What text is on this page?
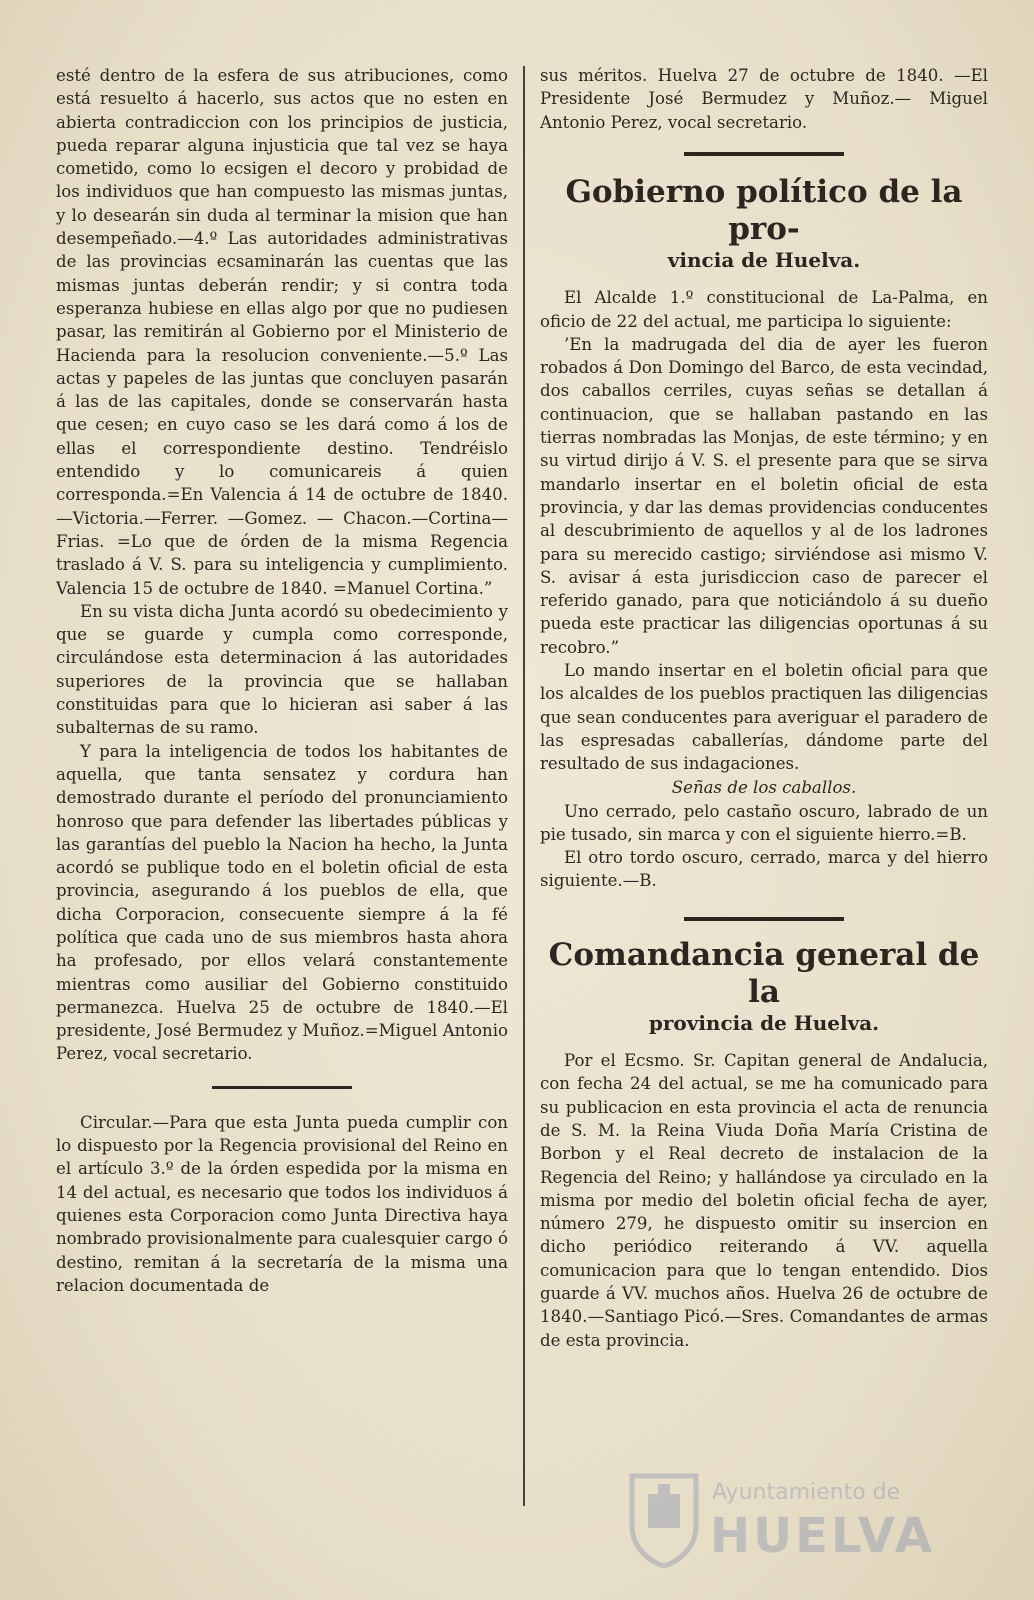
esté dentro de la esfera de sus atribuciones, como está resuelto á hacerlo, sus actos que no esten en abierta contradiccion con los principios de justicia, pueda reparar alguna injusticia que tal vez se haya cometido, como lo ecsigen el decoro y probidad de los individuos que han compuesto las mismas juntas, y lo desearán sin duda al terminar la mision que han desempeñado.—4.º Las autoridades administrativas de las provincias ecsaminarán las cuentas que las mismas juntas deberán rendir; y si contra toda esperanza hubiese en ellas algo por que no pudiesen pasar, las remitirán al Gobierno por el Ministerio de Hacienda para la resolucion conveniente.—5.º Las actas y papeles de las juntas que concluyen pasarán á las de las capitales, donde se conservarán hasta que cesen; en cuyo caso se les dará como á los de ellas el correspondiente destino. Tendréislo entendido y lo comunicareis á quien corresponda.=En Valencia á 14 de octubre de 1840.—Victoria.—Ferrer. —Gomez. — Chacon.—Cortina—Frias. =Lo que de órden de la misma Regencia traslado á V. S. para su inteligencia y cumplimiento. Valencia 15 de octubre de 1840. =Manuel Cortina.”

En su vista dicha Junta acordó su obedecimiento y que se guarde y cumpla como corresponde, circulándose esta determinacion á las autoridades superiores de la provincia que se hallaban constituidas para que lo hicieran asi saber á las subalternas de su ramo.

Y para la inteligencia de todos los habitantes de aquella, que tanta sensatez y cordura han demostrado durante el período del pronunciamiento honroso que para defender las libertades públicas y las garantías del pueblo la Nacion ha hecho, la Junta acordó se publique todo en el boletin oficial de esta provincia, asegurando á los pueblos de ella, que dicha Corporacion, consecuente siempre á la fé política que cada uno de sus miembros hasta ahora ha profesado, por ellos velará constantemente mientras como ausiliar del Gobierno constituido permanezca. Huelva 25 de octubre de 1840.—El presidente, José Bermudez y Muñoz.=Miguel Antonio Perez, vocal secretario.

Circular.—Para que esta Junta pueda cumplir con lo dispuesto por la Regencia provisional del Reino en el artículo 3.º de la órden espedida por la misma en 14 del actual, es necesario que todos los individuos á quienes esta Corporacion como Junta Directiva haya nombrado provisionalmente para cualesquier cargo ó destino, remitan á la secretaría de la misma una relacion documentada de

sus méritos. Huelva 27 de octubre de 1840. —El Presidente José Bermudez y Muñoz.— Miguel Antonio Perez, vocal secretario.

Gobierno político de la pro-
vincia de Huelva.

El Alcalde 1.º constitucional de La-Palma, en oficio de 22 del actual, me participa lo siguiente:

’En la madrugada del dia de ayer les fueron robados á Don Domingo del Barco, de esta vecindad, dos caballos cerriles, cuyas señas se detallan á continuacion, que se hallaban pastando en las tierras nombradas las Monjas, de este término; y en su virtud dirijo á V. S. el presente para que se sirva mandarlo insertar en el boletin oficial de esta provincia, y dar las demas providencias conducentes al descubrimiento de aquellos y al de los ladrones para su merecido castigo; sirviéndose asi mismo V. S. avisar á esta jurisdiccion caso de parecer el referido ganado, para que noticiándolo á su dueño pueda este practicar las diligencias oportunas á su recobro.”

Lo mando insertar en el boletin oficial para que los alcaldes de los pueblos practiquen las diligencias que sean conducentes para averiguar el paradero de las espresadas caballerías, dándome parte del resultado de sus indagaciones.

Señas de los caballos.

Uno cerrado, pelo castaño oscuro, labrado de un pie tusado, sin marca y con el siguiente hierro.=B.

El otro tordo oscuro, cerrado, marca y del hierro siguiente.—B.

Comandancia general de la
provincia de Huelva.

Por el Ecsmo. Sr. Capitan general de Andalucia, con fecha 24 del actual, se me ha comunicado para su publicacion en esta provincia el acta de renuncia de S. M. la Reina Viuda Doña María Cristina de Borbon y el Real decreto de instalacion de la Regencia del Reino; y hallándose ya circulado en la misma por medio del boletin oficial fecha de ayer, número 279, he dispuesto omitir su insercion en dicho periódico reiterando á VV. aquella comunicacion para que lo tengan entendido. Dios guarde á VV. muchos años. Huelva 26 de octubre de 1840.—Santiago Picó.—Sres. Comandantes de armas de esta provincia.

Ayuntamiento de
HUELVA
